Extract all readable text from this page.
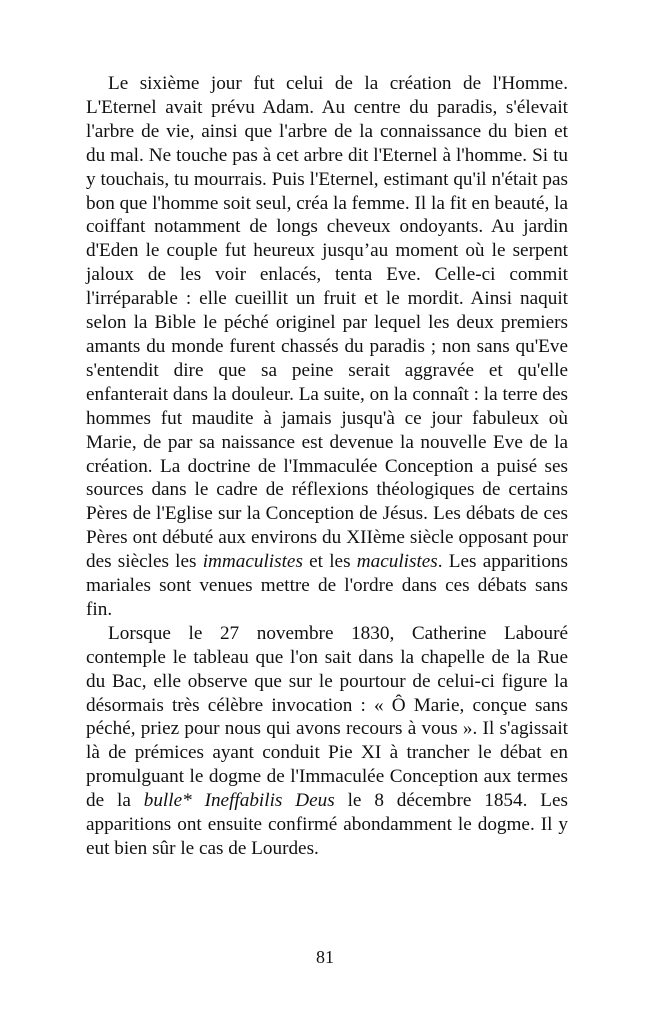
Le sixième jour fut celui de la création de l'Homme. L'Eternel avait prévu Adam. Au centre du paradis, s'élevait l'arbre de vie, ainsi que l'arbre de la connaissance du bien et du mal. Ne touche pas à cet arbre dit l'Eternel à l'homme. Si tu y touchais, tu mourrais. Puis l'Eternel, estimant qu'il n'était pas bon que l'homme soit seul, créa la femme. Il la fit en beauté, la coiffant notamment de longs cheveux ondoyants. Au jardin d'Eden le couple fut heureux jusqu’au moment où le serpent jaloux de les voir enlacés, tenta Eve. Celle-ci commit l'irréparable : elle cueillit un fruit et le mordit. Ainsi naquit selon la Bible le péché originel par lequel les deux premiers amants du monde furent chassés du paradis ; non sans qu'Eve s'entendit dire que sa peine serait aggravée et qu'elle enfanterait dans la douleur. La suite, on la connaît : la terre des hommes fut maudite à jamais jusqu'à ce jour fabuleux où Marie, de par sa naissance est devenue la nouvelle Eve de la création. La doctrine de l'Immaculée Conception a puisé ses sources dans le cadre de réflexions théologiques de certains Pères de l'Eglise sur la Conception de Jésus. Les débats de ces Pères ont débuté aux environs du XIIème siècle opposant pour des siècles les immaculistes et les maculistes. Les apparitions mariales sont venues mettre de l'ordre dans ces débats sans fin.

Lorsque le 27 novembre 1830, Catherine Labouré contemple le tableau que l'on sait dans la chapelle de la Rue du Bac, elle observe que sur le pourtour de celui-ci figure la désormais très célèbre invocation : « Ô Marie, conçue sans péché, priez pour nous qui avons recours à vous ». Il s'agissait là de prémices ayant conduit Pie XI à trancher le débat en promulguant le dogme de l'Immaculée Conception aux termes de la bulle* Ineffabilis Deus le 8 décembre 1854. Les apparitions ont ensuite confirmé abondamment le dogme. Il y eut bien sûr le cas de Lourdes.

81
